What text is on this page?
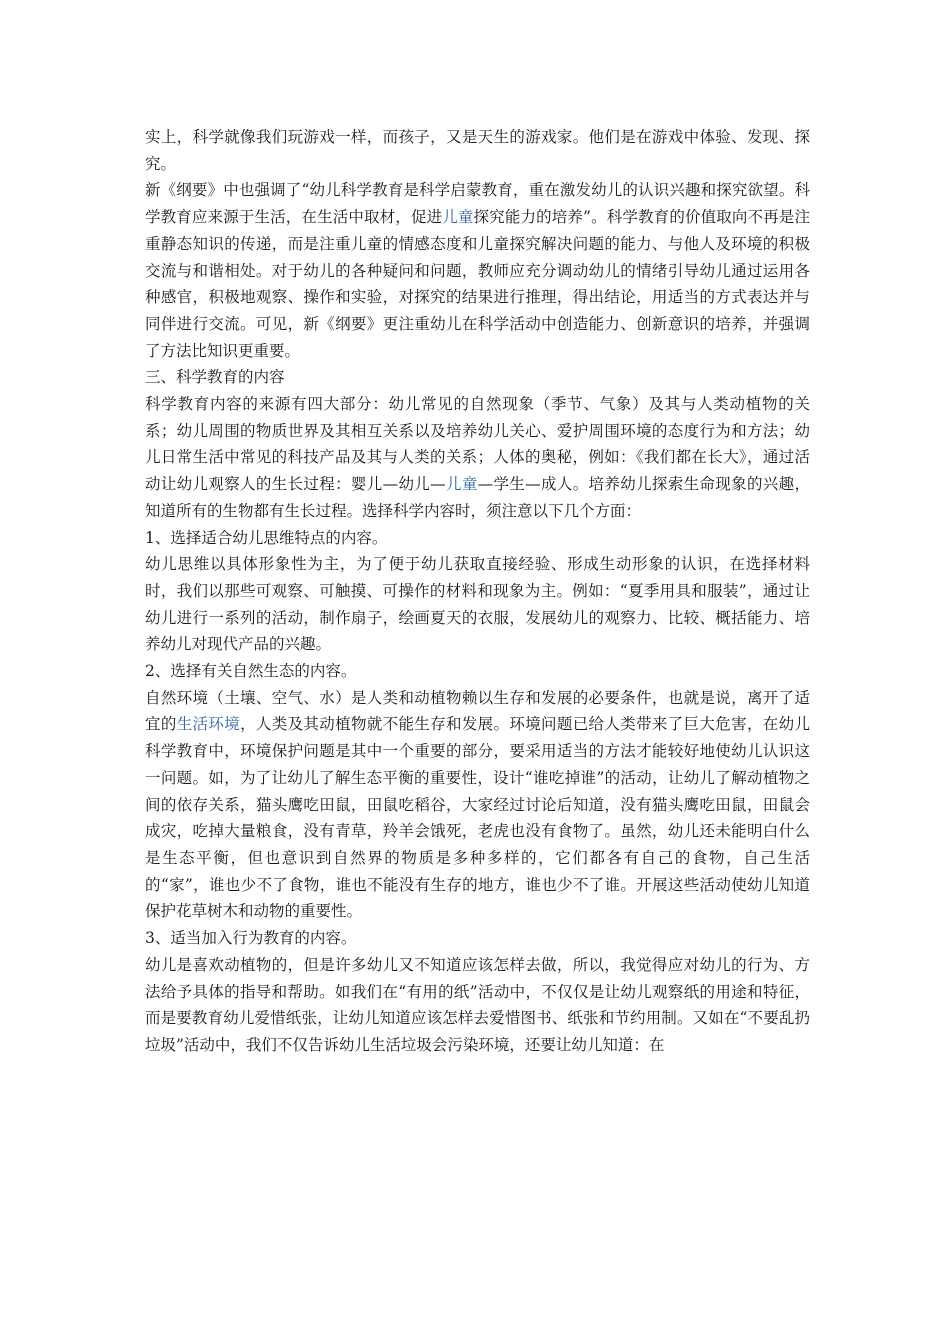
实上，科学就像我们玩游戏一样，而孩子，又是天生的游戏家。他们是在游戏中体验、发现、探究。

新《纲要》中也强调了“幼儿科学教育是科学启蒙教育，重在激发幼儿的认识兴趣和探究欲望。科学教育应来源于生活，在生活中取材，促进儿童探究能力的培养”。科学教育的价值取向不再是注重静态知识的传递，而是注重儿童的情感态度和儿童探究解决问题的能力、与他人及环境的积极交流与和谐相处。对于幼儿的各种疑问和问题，教师应充分调动幼儿的情绪引导幼儿通过运用各种感官，积极地观察、操作和实验，对探究的结果进行推理，得出结论，用适当的方式表达并与同伴进行交流。可见，新《纲要》更注重幼儿在科学活动中创造能力、创新意识的培养，并强调了方法比知识更重要。

三、科学教育的内容

科学教育内容的来源有四大部分：幼儿常见的自然现象（季节、气象）及其与人类动植物的关系；幼儿周围的物质世界及其相互关系以及培养幼儿关心、爱护周围环境的态度行为和方法；幼儿日常生活中常见的科技产品及其与人类的关系；人体的奥秘，例如：《我们都在长大》，通过活动让幼儿观察人的生长过程：婴儿—幼儿—儿童—学生—成人。培养幼儿探索生命现象的兴趣，知道所有的生物都有生长过程。选择科学内容时，须注意以下几个方面：

1、选择适合幼儿思维特点的内容。

幼儿思维以具体形象性为主，为了便于幼儿获取直接经验、形成生动形象的认识，在选择材料时，我们以那些可观察、可触摸、可操作的材料和现象为主。例如：“夏季用具和服装”，通过让幼儿进行一系列的活动，制作扇子，绘画夏天的衣服，发展幼儿的观察力、比较、概括能力、培养幼儿对现代产品的兴趣。

2、选择有关自然生态的内容。

自然环境（土壤、空气、水）是人类和动植物赖以生存和发展的必要条件，也就是说，离开了适宜的生活环境，人类及其动植物就不能生存和发展。环境问题已给人类带来了巨大危害，在幼儿科学教育中，环境保护问题是其中一个重要的部分，要采用适当的方法才能较好地使幼儿认识这一问题。如，为了让幼儿了解生态平衡的重要性，设计“谁吃掉谁”的活动，让幼儿了解动植物之间的依存关系，猫头鹰吃田鼠，田鼠吃稻谷，大家经过讨论后知道，没有猫头鹰吃田鼠，田鼠会成灾，吃掉大量粮食，没有青草，羚羊会饿死，老虎也没有食物了。虽然，幼儿还未能明白什么是生态平衡，但也意识到自然界的物质是多种多样的，它们都各有自己的食物，自己生活的“家”，谁也少不了食物，谁也不能没有生存的地方，谁也少不了谁。开展这些活动使幼儿知道保护花草树木和动物的重要性。

3、适当加入行为教育的内容。

幼儿是喜欢动植物的，但是许多幼儿又不知道应该怎样去做，所以，我觉得应对幼儿的行为、方法给予具体的指导和帮助。如我们在“有用的纸”活动中，不仅仅是让幼儿观察纸的用途和特征，而是要教育幼儿爱惜纸张，让幼儿知道应该怎样去爱惜图书、纸张和节约用制。又如在“不要乱扔垃圾”活动中，我们不仅告诉幼儿生活垃圾会污染环境，还要让幼儿知道：在
